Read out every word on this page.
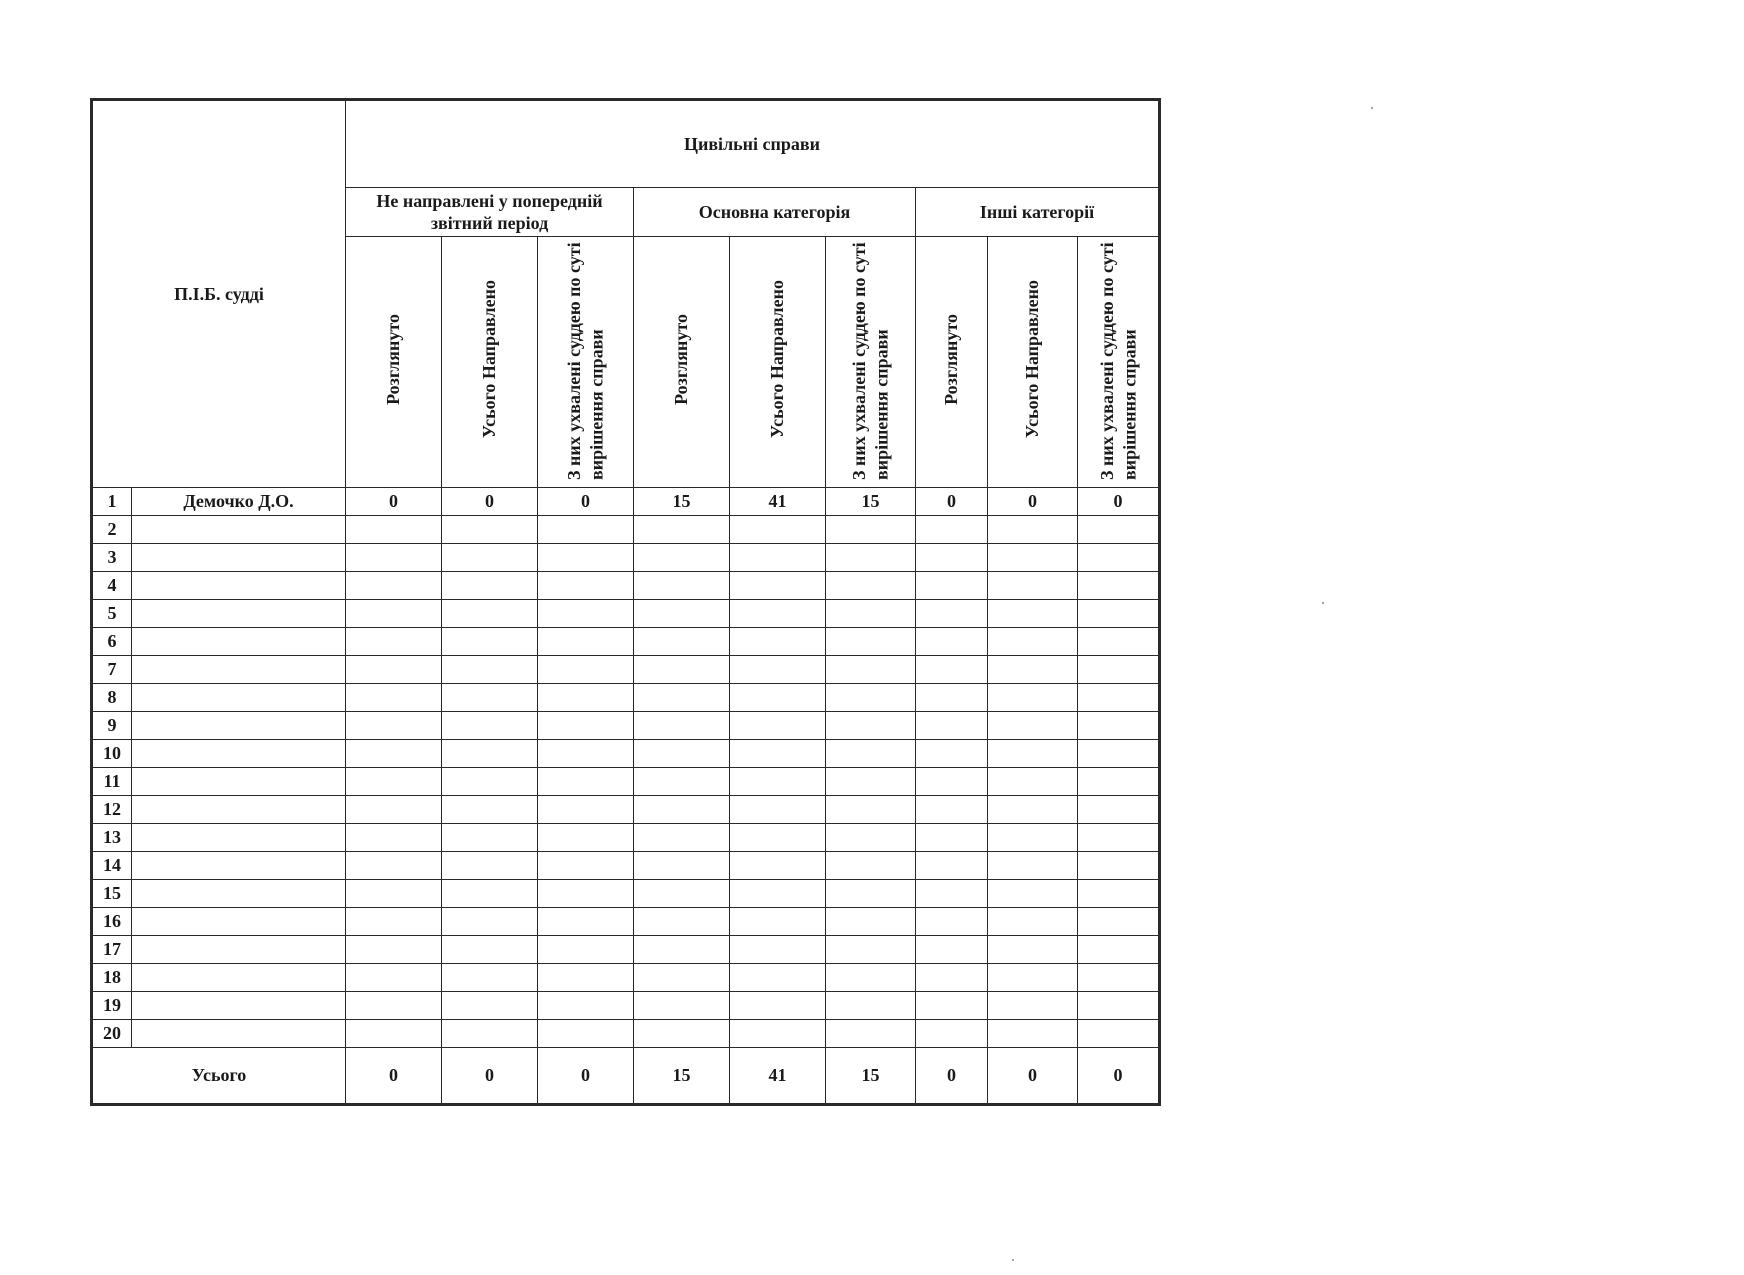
П.І.Б. судді		Цивільні справи								
		Не направлені у попередній звітний період			Основна категорія			Інші категорії		
		Розглянуто	Усього Направлено	З них ухвалені суддею по суті вирішення справи	Розглянуто	Усього Направлено	З них ухвалені суддею по суті вирішення справи	Розглянуто	Усього Направлено	З них ухвалені суддею по суті вирішення справи
1	Демочко Д.О.	0	0	0	15	41	15	0	0	0
2										
3										
4										
5										
6										
7										
8										
9										
10										
11										
12										
13										
14										
15										
16										
17										
18										
19										
20										
Усього		0	0	0	15	41	15	0	0	0
